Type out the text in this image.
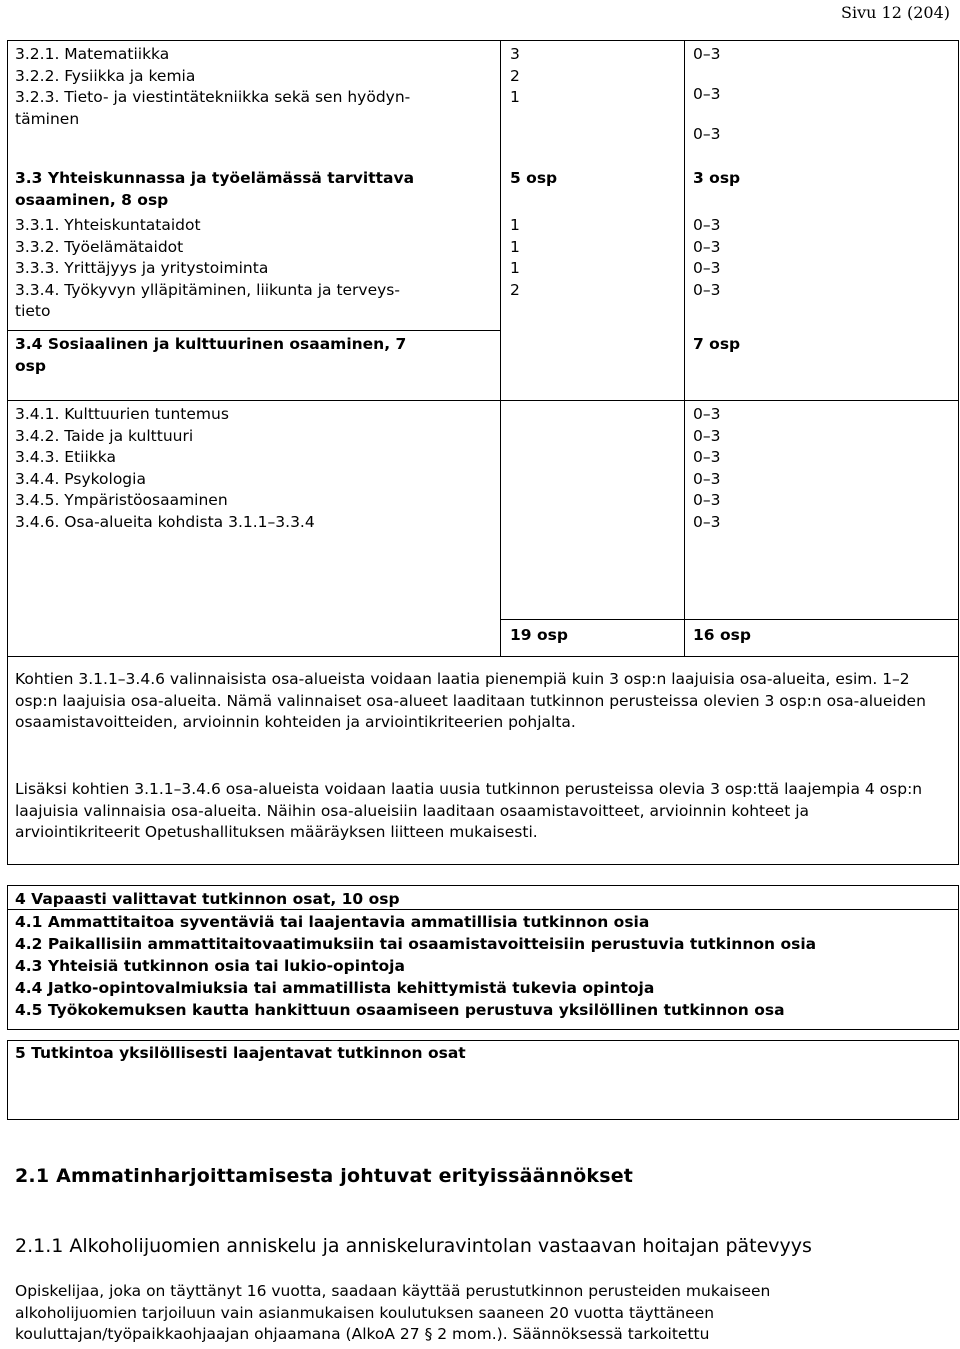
Sivu 12 (204)
3.2.1. Matematiikka
3.2.2. Fysiikka ja kemia
3.2.3. Tieto- ja viestintätekniikka sekä sen hyödyn-
täminen
3
2
1
0–3

0–3

0–3
3.3 Yhteiskunnassa ja työelämässä tarvittava
osaaminen, 8 osp
5 osp	3 osp
3.3.1. Yhteiskuntataidot
3.3.2. Työelämätaidot
3.3.3. Yrittäjyys ja yritystoiminta
3.3.4. Työkyvyn ylläpitäminen, liikunta ja terveys-
tieto
1
1
1
2
0–3
0–3
0–3
0–3
3.4 Sosiaalinen ja kulttuurinen osaaminen, 7
osp
7 osp
3.4.1. Kulttuurien tuntemus
3.4.2. Taide ja kulttuuri
3.4.3. Etiikka
3.4.4. Psykologia
3.4.5. Ympäristöosaaminen
3.4.6. Osa-alueita kohdista 3.1.1–3.3.4
0–3
0–3
0–3
0–3
0–3
0–3
19 osp	16 osp
Kohtien 3.1.1–3.4.6 valinnaisista osa-alueista voidaan laatia pienempiä kuin 3 osp:n laajuisia osa-alueita, esim. 1–2 osp:n laajuisia osa-alueita. Nämä valinnaiset osa-alueet laaditaan tutkinnon perusteissa olevien 3 osp:n osa-alueiden osaamistavoitteiden, arvioinnin kohteiden ja arviointikriteerien pohjalta.
Lisäksi kohtien 3.1.1–3.4.6 osa-alueista voidaan laatia uusia tutkinnon perusteissa olevia 3 osp:ttä laajempia 4 osp:n laajuisia valinnaisia osa-alueita. Näihin osa-alueisiin laaditaan osaamistavoitteet, arvioinnin kohteet ja arviointikriteerit Opetushallituksen määräyksen liitteen mukaisesti.
4 Vapaasti valittavat tutkinnon osat, 10 osp
4.1 Ammattitaitoa syventäviä tai laajentavia ammatillisia tutkinnon osia
4.2 Paikallisiin ammattitaitovaatimuksiin tai osaamistavoitteisiin perustuvia tutkinnon osia
4.3 Yhteisiä tutkinnon osia tai lukio-opintoja
4.4 Jatko-opintovalmiuksia tai ammatillista kehittymistä tukevia opintoja
4.5 Työkokemuksen kautta hankittuun osaamiseen perustuva yksilöllinen tutkinnon osa
5 Tutkintoa yksilöllisesti laajentavat tutkinnon osat
2.1 Ammatinharjoittamisesta johtuvat erityissäännökset
2.1.1 Alkoholijuomien anniskelu ja anniskeluravintolan vastaavan hoitajan pätevyys
Opiskelijaa, joka on täyttänyt 16 vuotta, saadaan käyttää perustutkinnon perusteiden mukaiseen
alkoholijuomien tarjoiluun vain asianmukaisen koulutuksen saaneen 20 vuotta täyttäneen
kouluttajan/työpaikkaohjaajan ohjaamana (AlkoA 27 § 2 mom.). Säännöksessä tarkoitettu
